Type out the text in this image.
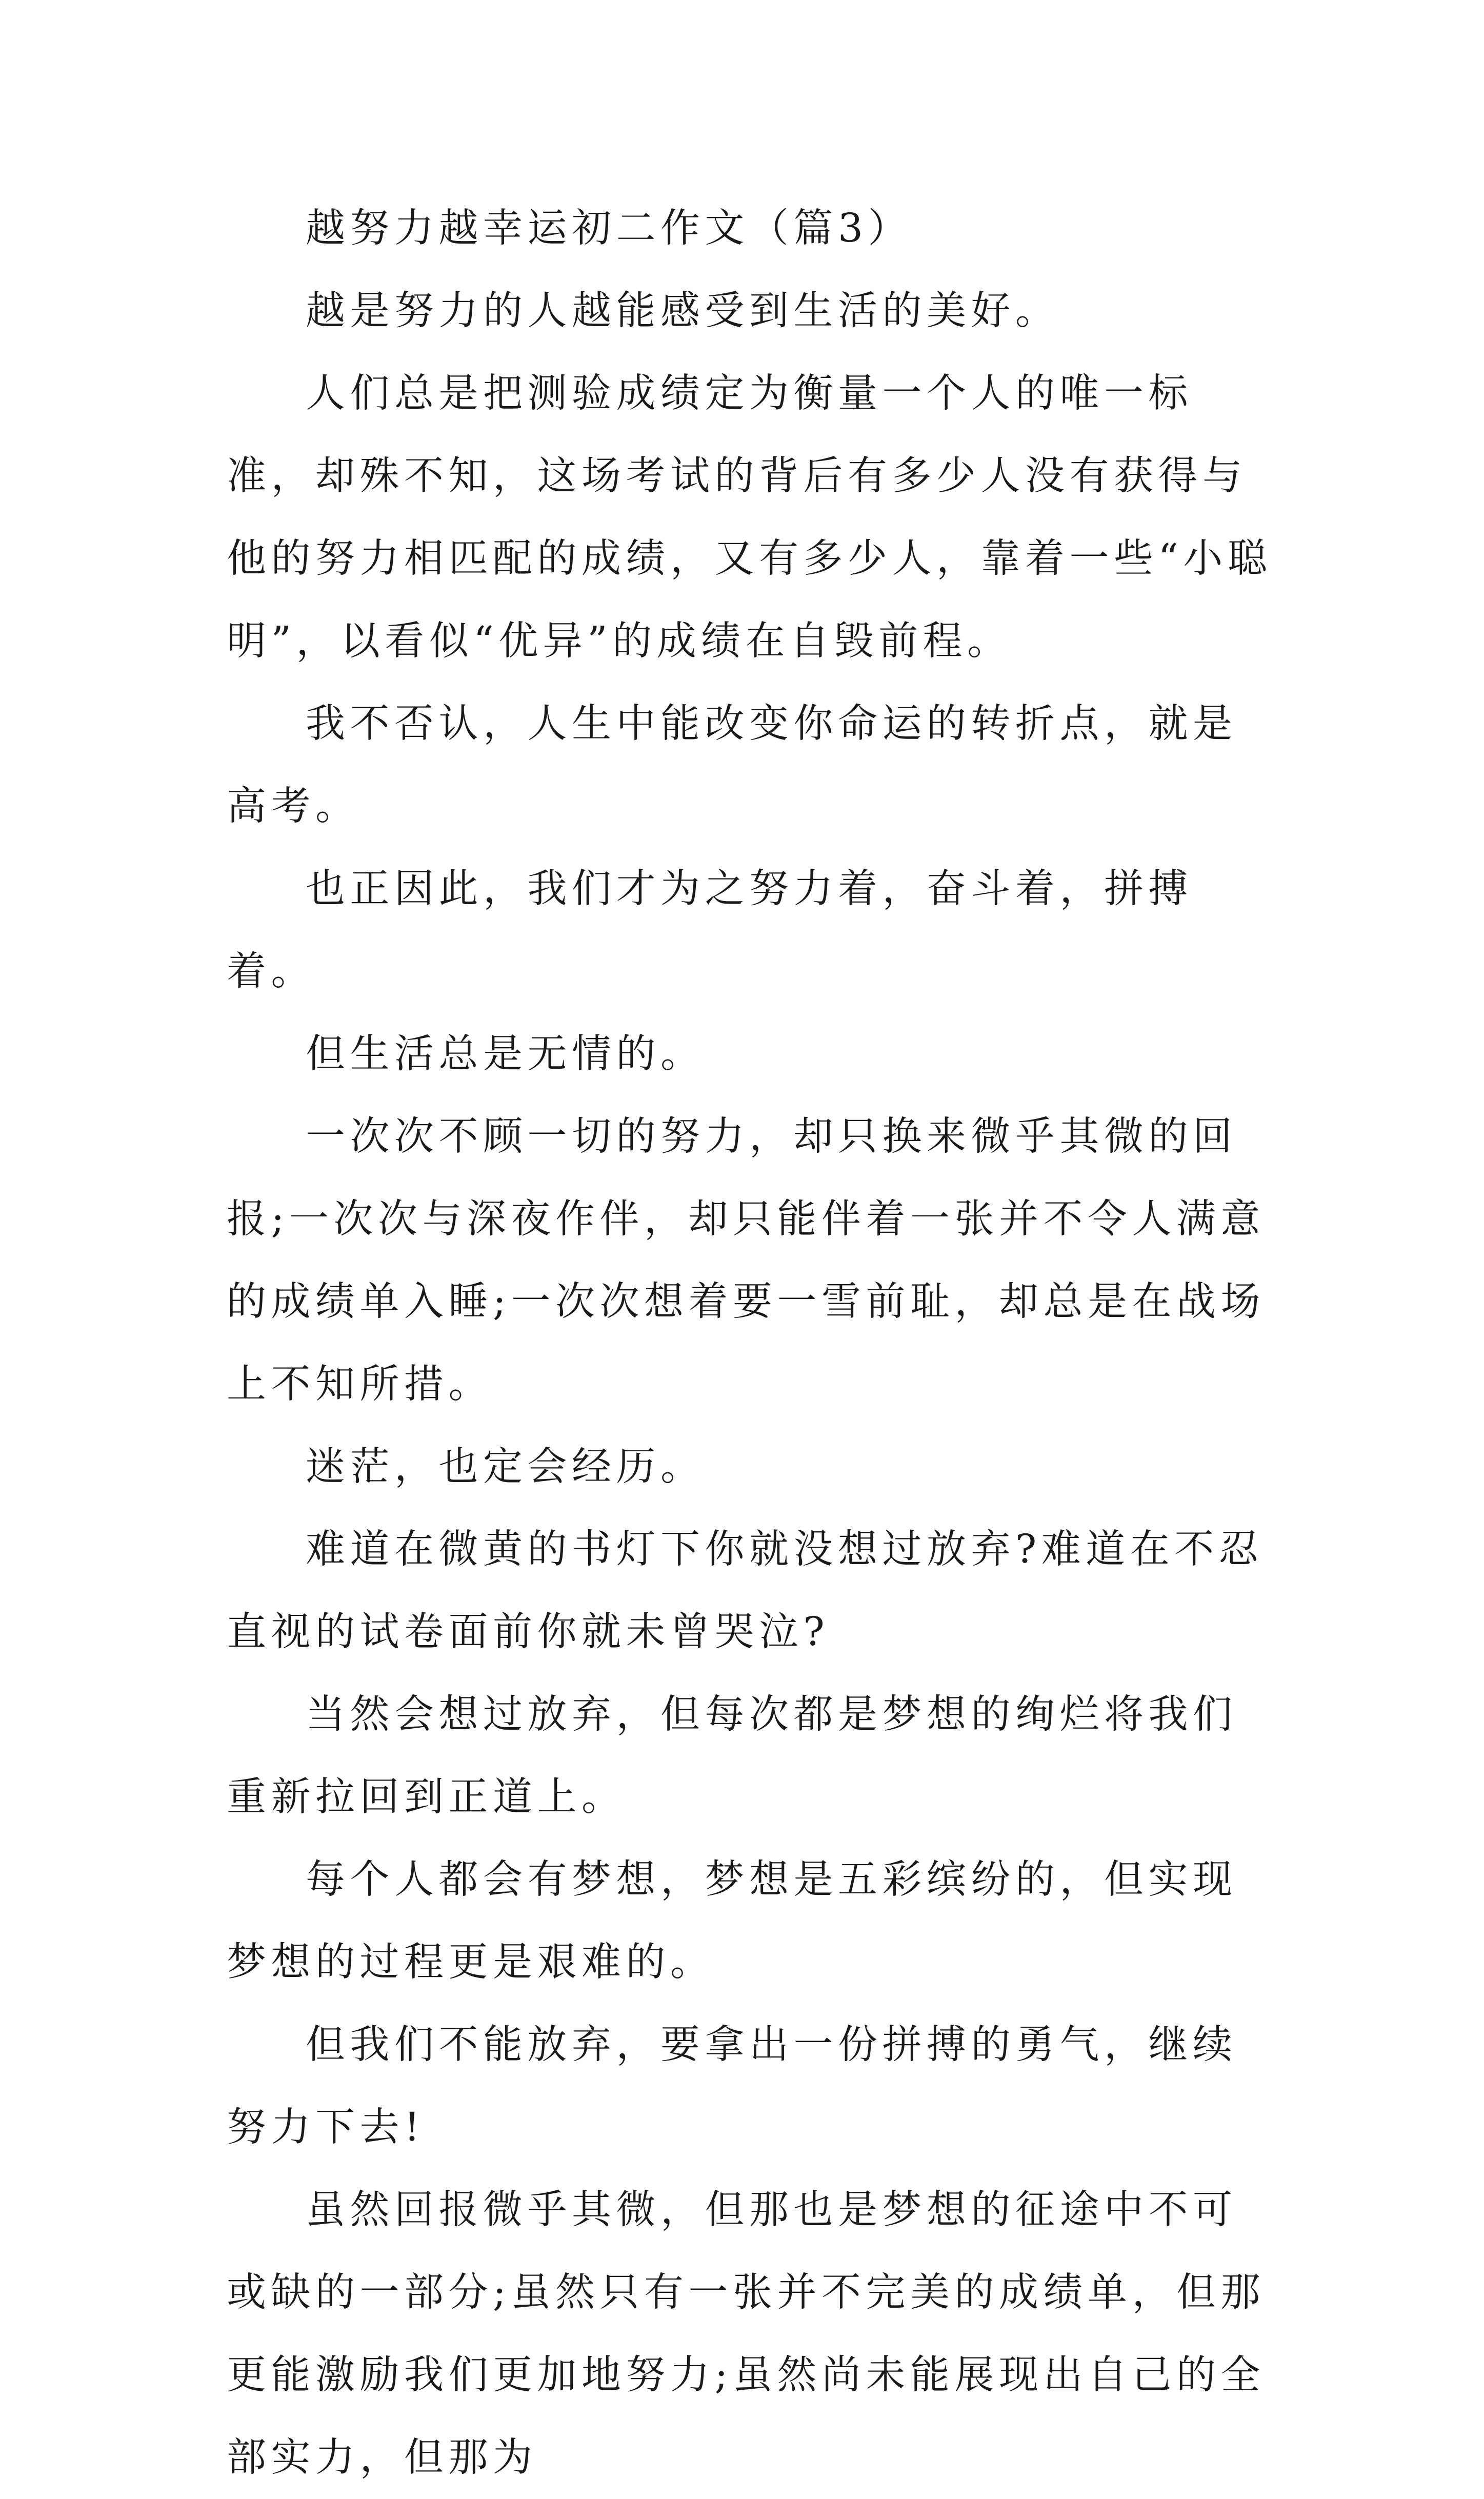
越努力越幸运初二作文（篇3）

越是努力的人越能感受到生活的美好。

人们总是把测验成绩定为衡量一个人的唯一标准，却殊不知，这场考试的背后有多少人没有获得与他的努力相匹配的成绩，又有多少人，靠着一些“小聪明”，以看似“优异”的成绩在自毁前程。

我不否认，人生中能改变你命运的转折点，就是高考。

也正因此，我们才为之努力着，奋斗着，拼搏着。

但生活总是无情的。

一次次不顾一切的努力，却只换来微乎其微的回报;一次次与深夜作伴，却只能伴着一张并不令人满意的成绩单入睡;一次次想着要一雪前耻，却总是在战场上不知所措。

迷茫，也定会经历。

难道在微黄的书灯下你就没想过放弃?难道在不忍直视的试卷面前你就未曾哭泣?

当然会想过放弃，但每次都是梦想的绚烂将我们重新拉回到正道上。

每个人都会有梦想，梦想是五彩缤纷的，但实现梦想的过程更是艰难的。

但我们不能放弃，要拿出一份拼搏的勇气，继续努力下去!

虽然回报微乎其微，但那也是梦想的征途中不可或缺的一部分;虽然只有一张并不完美的成绩单，但那更能激励我们更加地努力;虽然尚未能展现出自己的全部实力，但那为
